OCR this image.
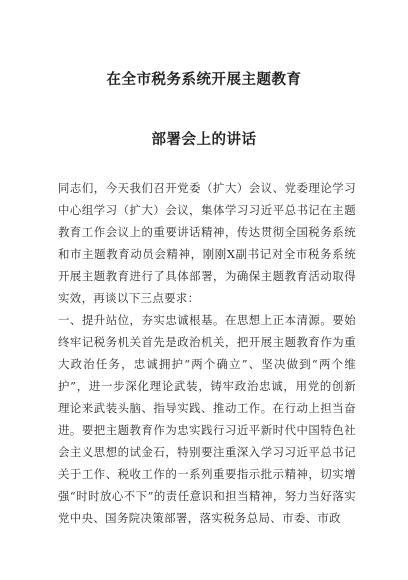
在全市税务系统开展主题教育
部署会上的讲话

同志们，今天我们召开党委（扩大）会议、党委理论学习中心组学习（扩大）会议，集体学习习近平总书记在主题教育工作会议上的重要讲话精神，传达贯彻全国税务系统和市主题教育动员会精神，刚刚X副书记对全市税务系统开展主题教育进行了具体部署，为确保主题教育活动取得实效，再谈以下三点要求：

一、提升站位，夯实忠诚根基。在思想上正本清源。要始终牢记税务机关首先是政治机关，把开展主题教育作为重大政治任务，忠诚拥护“两个确立”、坚决做到“两个维护”，进一步深化理论武装，铸牢政治忠诚，用党的创新理论来武装头脑、指导实践、推动工作。在行动上担当奋进。要把主题教育作为忠实践行习近平新时代中国特色社会主义思想的试金石，特别要注重深入学习习近平总书记关于工作、税收工作的一系列重要指示批示精神，切实增强“时时放心不下”的责任意识和担当精神，努力当好落实党中央、国务院决策部署，落实税务总局、市委、市政
